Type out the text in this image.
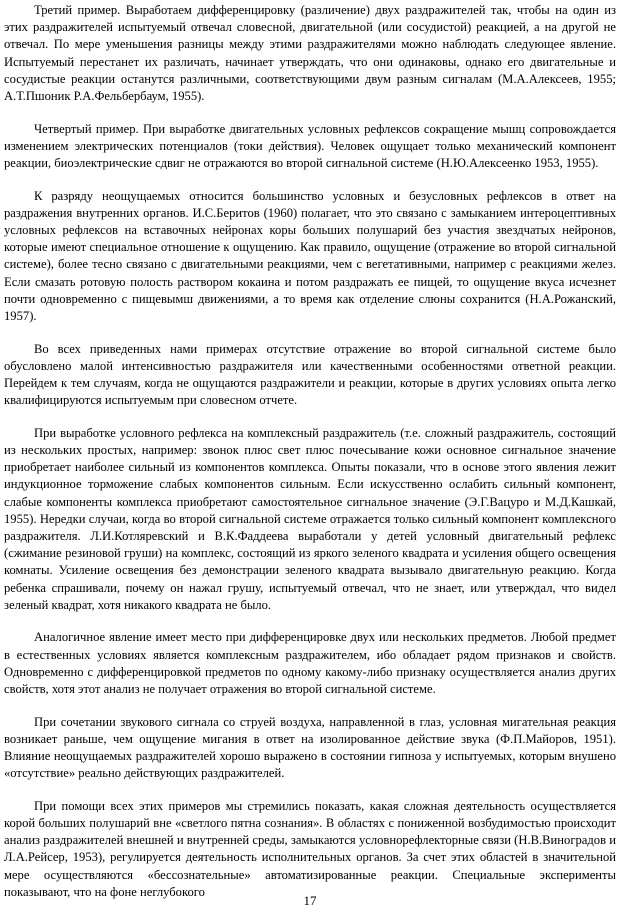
Третий пример. Выработаем дифференцировку (различение) двух раздражителей так, чтобы на один из этих раздражителей испытуемый отвечал словесной, двигательной (или сосудистой) реакцией, а на другой не отвечал. По мере уменьшения разницы между этими раздражителями можно наблюдать следующее явление. Испытуемый перестанет их различать, начинает утверждать, что они одинаковы, однако его двигательные и сосудистые реакции останутся различными, соответствующими двум разным сигналам (М.А.Алексеев, 1955; А.Т.Пшоник Р.А.Фельбербаум, 1955).

Четвертый пример. При выработке двигательных условных рефлексов сокращение мышц сопровождается изменением электрических потенциалов (токи действия). Человек ощущает только механический компонент реакции, биоэлектрические сдвиг не отражаются во второй сигнальной системе (Н.Ю.Алексеенко 1953, 1955).

К разряду неощущаемых относится большинство условных и безусловных рефлексов в ответ на раздражения внутренних органов. И.С.Беритов (1960) полагает, что это связано с замыканием интероцептивных условных рефлексов на вставочных нейронах коры больших полушарий без участия звездчатых нейронов, которые имеют специальное отношение к ощущению. Как правило, ощущение (отражение во второй сигнальной системе), более тесно связано с двигательными реакциями, чем с вегетативными, например с реакциями желез. Если смазать ротовую полость раствором кокаина и потом раздражать ее пищей, то ощущение вкуса исчезнет почти одновременно с пищевымш движениями, а то время как отделение слюны сохранится (Н.А.Рожанский, 1957).

Во всех приведенных нами примерах отсутствие отражение во второй сигнальной системе было обусловлено малой интенсивностью раздражителя или качественными особенностями ответной реакции. Перейдем к тем случаям, когда не ощущаются раздражители и реакции, которые в других условиях опыта легко квалифицируются испытуемым при словесном отчете.

При выработке условного рефлекса на комплексный раздражитель (т.е. сложный раздражитель, состоящий из нескольких простых, например: звонок плюс свет плюс почесывание кожи основное сигнальное значение приобретает наиболее сильный из компонентов комплекса. Опыты показали, что в основе этого явления лежит индукционное торможение слабых компонентов сильным. Если искусственно ослабить сильный компонент, слабые компоненты комплекса приобретают самостоятельное сигнальное значение (Э.Г.Вацуро и М.Д.Кашкай, 1955). Нередки случаи, когда во второй сигнальной системе отражается только сильный компонент комплексного раздражителя. Л.И.Котляревский и В.К.Фаддеева выработали у детей условный двигательный рефлекс (сжимание резиновой груши) на комплекс, состоящий из яркого зеленого квадрата и усиления общего освещения комнаты. Усиление освещения без демонстрации зеленого квадрата вызывало двигательную реакцию. Когда ребенка спрашивали, почему он нажал грушу, испытуемый отвечал, что не знает, или утверждал, что видел зеленый квадрат, хотя никакого квадрата не было.

Аналогичное явление имеет место при дифференцировке двух или нескольких предметов. Любой предмет в естественных условиях является комплексным раздражителем, ибо обладает рядом признаков и свойств. Одновременно с дифференцировкой предметов по одному какому-либо признаку осуществляется анализ других свойств, хотя этот анализ не получает отражения во второй сигнальной системе.

При сочетании звукового сигнала со струей воздуха, направленной в глаз, условная мигательная реакция возникает раньше, чем ощущение мигания в ответ на изолированное действие звука (Ф.П.Майоров, 1951). Влияние неощущаемых раздражителей хорошо выражено в состоянии гипноза у испытуемых, которым внушено «отсутствие» реально действующих раздражителей.

При помощи всех этих примеров мы стремились показать, какая сложная деятельность осуществляется корой больших полушарий вне «светлого пятна сознания». В областях с пониженной возбудимостью происходит анализ раздражителей внешней и внутренней среды, замыкаются условнорефлекторные связи (Н.В.Виноградов и Л.А.Рейсер, 1953), регулируется деятельность исполнительных органов. За счет этих областей в значительной мере осуществляются «бессознательные» автоматизированные реакции. Специальные эксперименты показывают, что на фоне неглубокого

17
